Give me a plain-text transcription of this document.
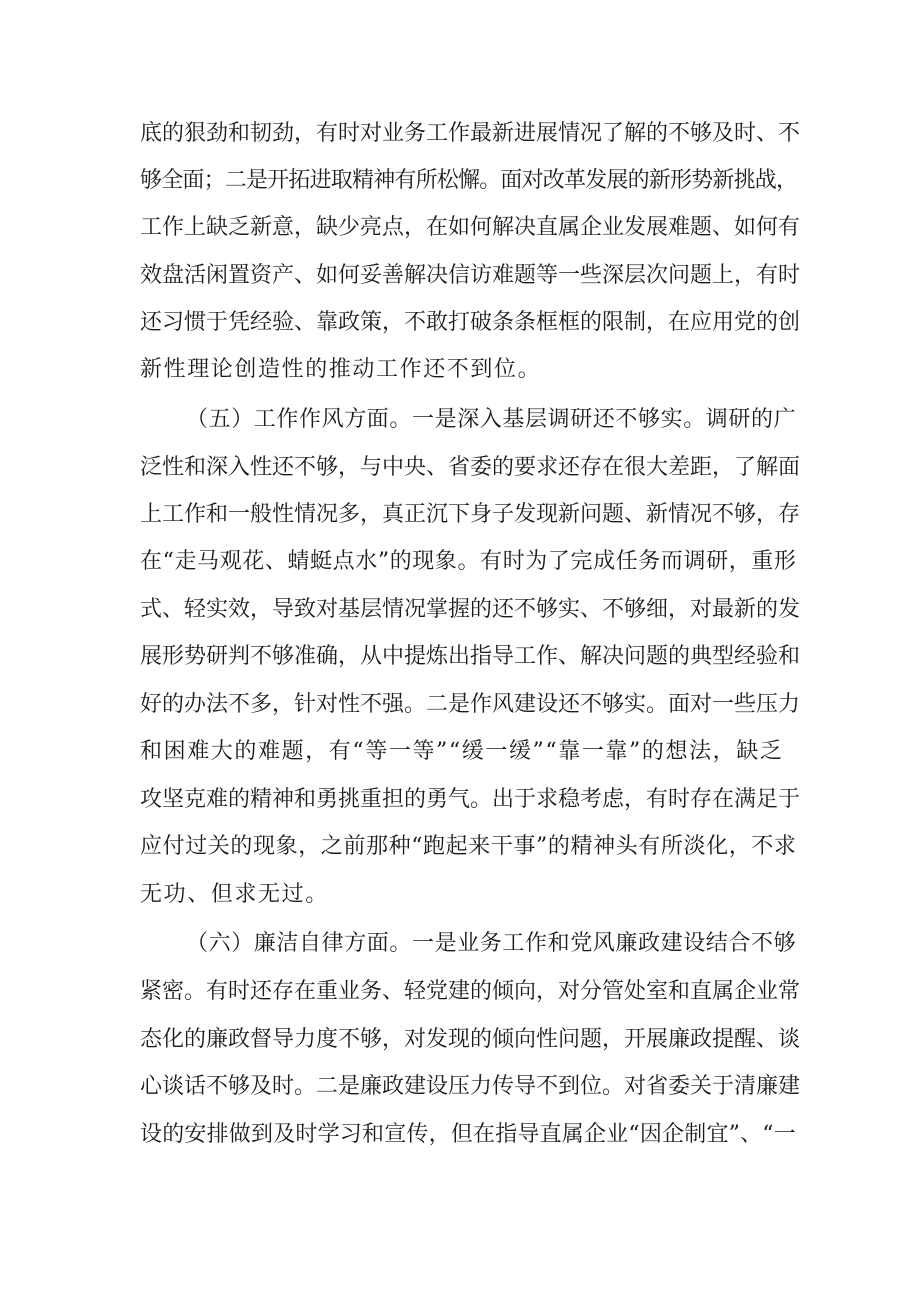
底的狠劲和韧劲，有时对业务工作最新进展情况了解的不够及时、不
够全面；二是开拓进取精神有所松懈。面对改革发展的新形势新挑战，
工作上缺乏新意，缺少亮点，在如何解决直属企业发展难题、如何有
效盘活闲置资产、如何妥善解决信访难题等一些深层次问题上，有时
还习惯于凭经验、靠政策，不敢打破条条框框的限制，在应用党的创
新性理论创造性的推动工作还不到位。
（五）工作作风方面。一是深入基层调研还不够实。调研的广
泛性和深入性还不够，与中央、省委的要求还存在很大差距，了解面
上工作和一般性情况多，真正沉下身子发现新问题、新情况不够，存
在“走马观花、蜻蜓点水”的现象。有时为了完成任务而调研，重形
式、轻实效，导致对基层情况掌握的还不够实、不够细，对最新的发
展形势研判不够准确，从中提炼出指导工作、解决问题的典型经验和
好的办法不多，针对性不强。二是作风建设还不够实。面对一些压力
和困难大的难题，有“等一等”“缓一缓”“靠一靠”的想法，缺乏
攻坚克难的精神和勇挑重担的勇气。出于求稳考虑，有时存在满足于
应付过关的现象，之前那种“跑起来干事”的精神头有所淡化，不求
无功、但求无过。
（六）廉洁自律方面。一是业务工作和党风廉政建设结合不够
紧密。有时还存在重业务、轻党建的倾向，对分管处室和直属企业常
态化的廉政督导力度不够，对发现的倾向性问题，开展廉政提醒、谈
心谈话不够及时。二是廉政建设压力传导不到位。对省委关于清廉建
设的安排做到及时学习和宣传，但在指导直属企业“因企制宜”、“一
